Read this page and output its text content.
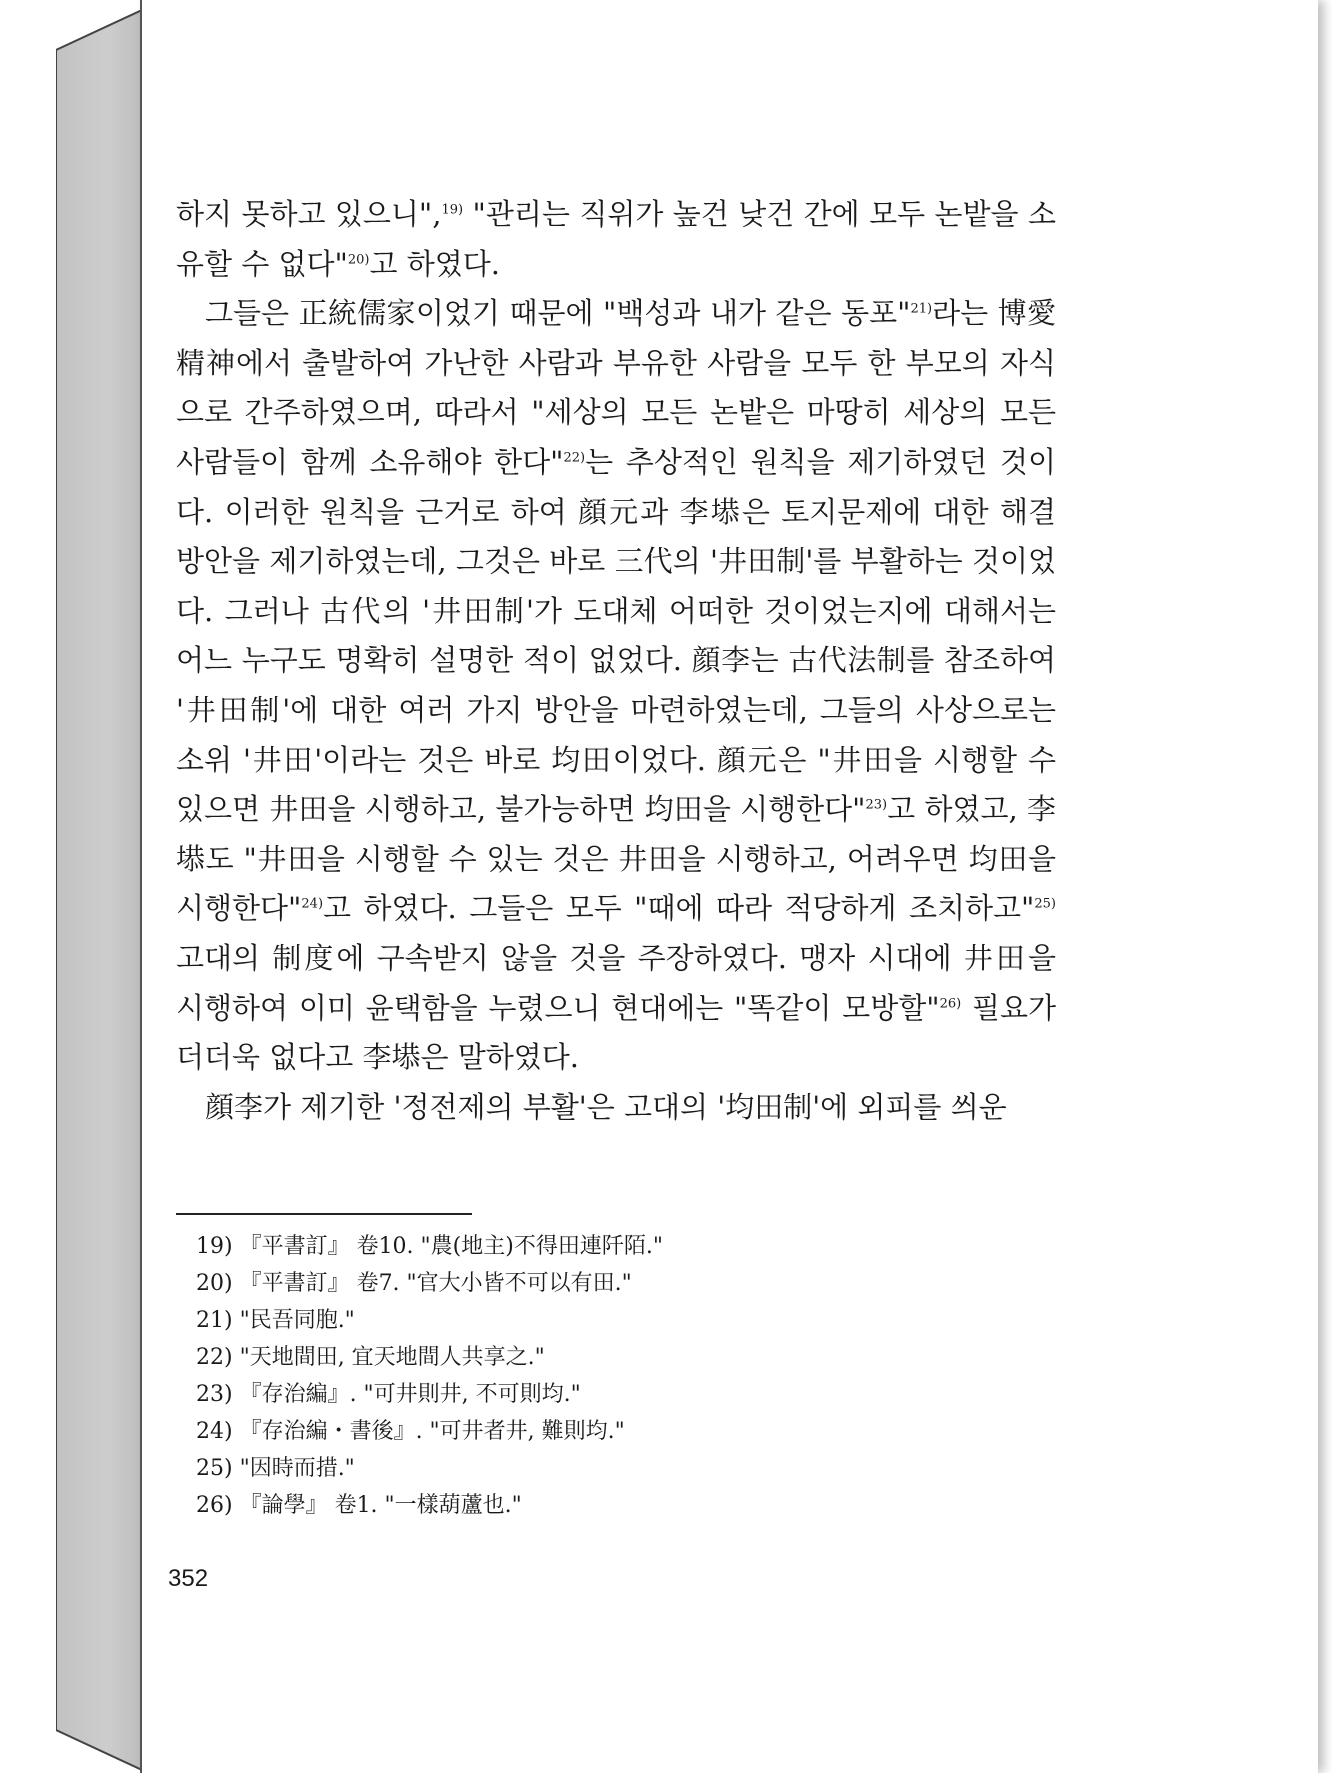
하지 못하고 있으니",$^{19)}$ "관리는 직위가 높건 낮건 간에 모두 논밭을 소유할 수 없다"$^{20)}$고 하였다.

그들은 正統儒家이었기 때문에 "백성과 내가 같은 동포"$^{21)}$라는 博愛精神에서 출발하여 가난한 사람과 부유한 사람을 모두 한 부모의 자식으로 간주하였으며, 따라서 "세상의 모든 논밭은 마땅히 세상의 모든 사람들이 함께 소유해야 한다"$^{22)}$는 추상적인 원칙을 제기하였던 것이다. 이러한 원칙을 근거로 하여 顔元과 李塨은 토지문제에 대한 해결방안을 제기하였는데, 그것은 바로 三代의 '井田制'를 부활하는 것이었다. 그러나 古代의 '井田制'가 도대체 어떠한 것이었는지에 대해서는 어느 누구도 명확히 설명한 적이 없었다. 顔李는 古代法制를 참조하여 '井田制'에 대한 여러 가지 방안을 마련하였는데, 그들의 사상으로는 소위 '井田'이라는 것은 바로 均田이었다. 顔元은 "井田을 시행할 수 있으면 井田을 시행하고, 불가능하면 均田을 시행한다"$^{23)}$고 하였고, 李塨도 "井田을 시행할 수 있는 것은 井田을 시행하고, 어려우면 均田을 시행한다"$^{24)}$고 하였다. 그들은 모두 "때에 따라 적당하게 조치하고"$^{25)}$ 고대의 制度에 구속받지 않을 것을 주장하였다. 맹자 시대에 井田을 시행하여 이미 윤택함을 누렸으니 현대에는 "똑같이 모방할"$^{26)}$ 필요가 더더욱 없다고 李塨은 말하였다.

顔李가 제기한 '정전제의 부활'은 고대의 '均田制'에 외피를 씌운

19) 『平書訂』 卷10. "農(地主)不得田連阡陌."
20) 『平書訂』 卷7. "官大小皆不可以有田."
21) "民吾同胞."
22) "天地間田, 宜天地間人共享之."
23) 『存治編』. "可井則井, 不可則均."
24) 『存治編・書後』. "可井者井, 難則均."
25) "因時而措."
26) 『論學』 卷1. "一樣葫蘆也."
352
